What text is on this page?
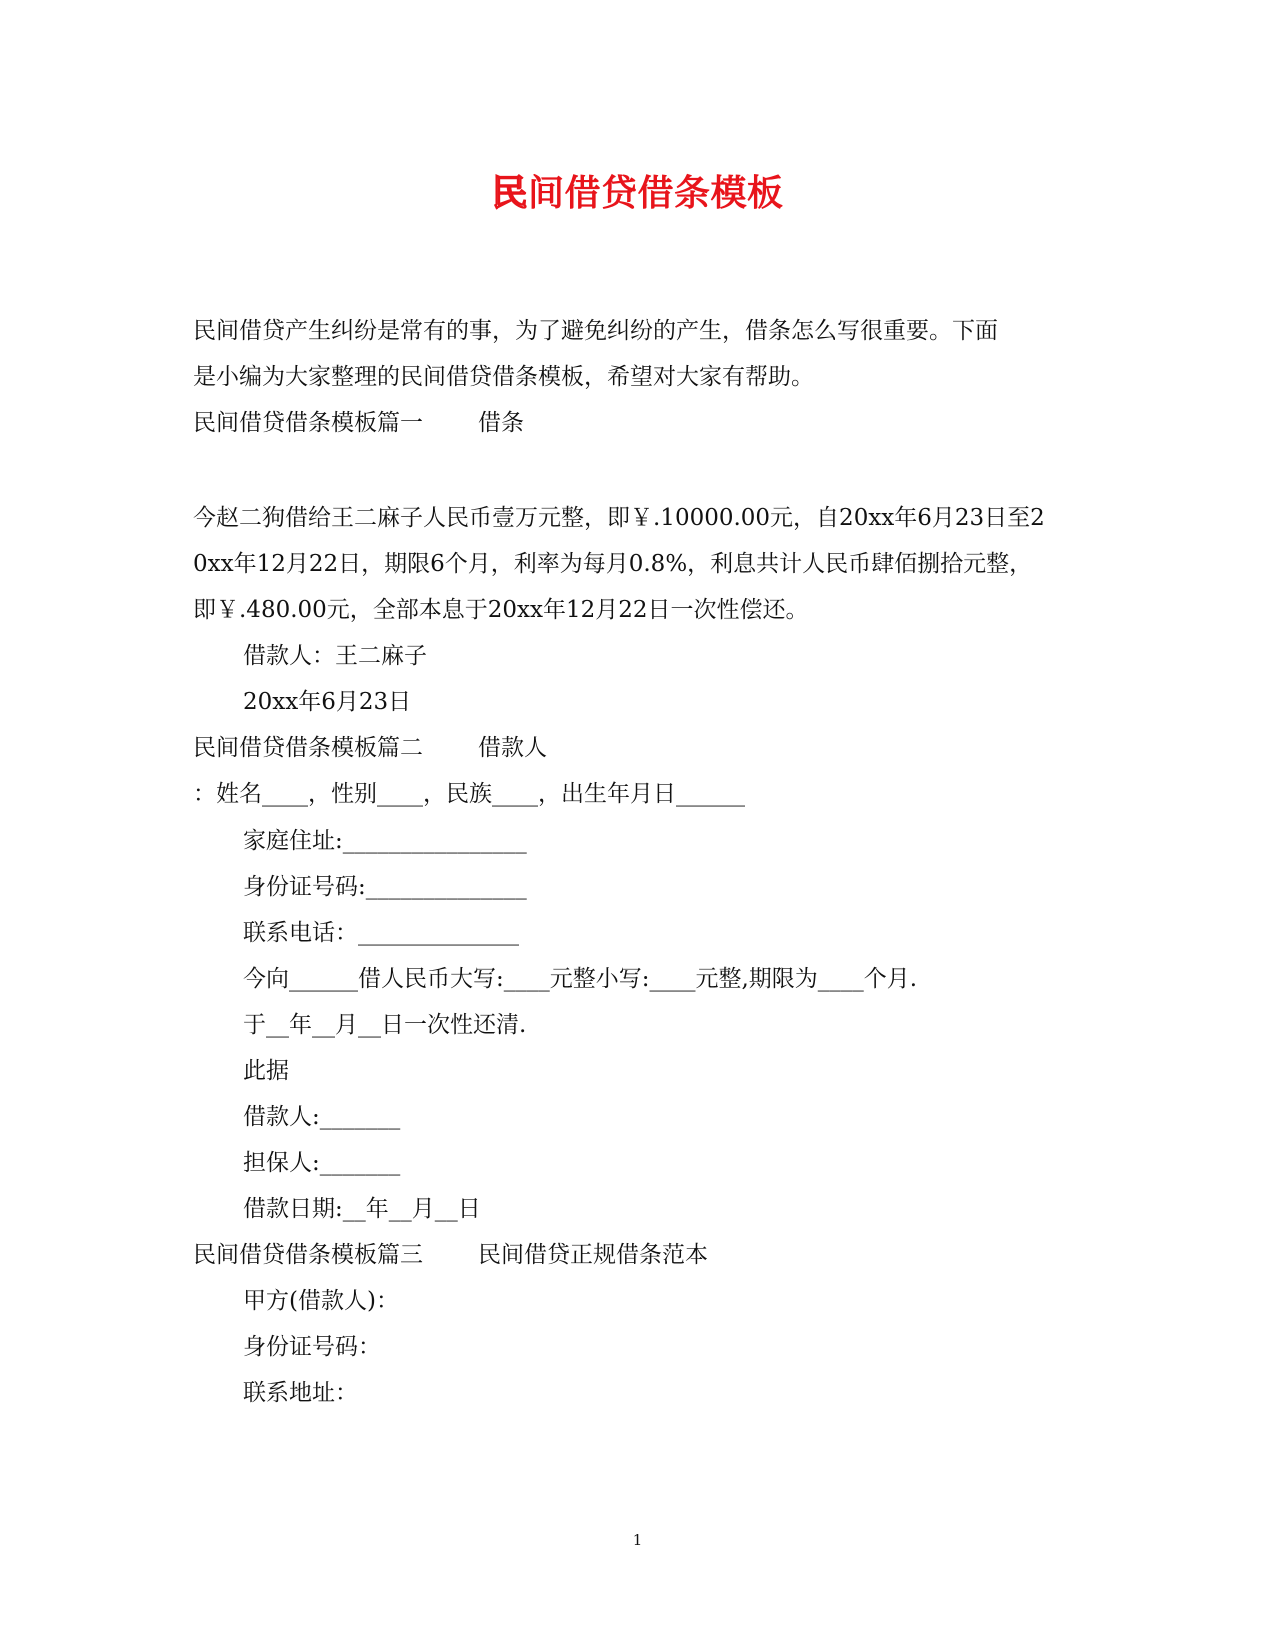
民间借贷借条模板
民间借贷产生纠纷是常有的事，为了避免纠纷的产生，借条怎么写很重要。下面
是小编为大家整理的民间借贷借条模板，希望对大家有帮助。
民间借贷借条模板篇一 借条
今赵二狗借给王二麻子人民币壹万元整，即￥.10000.00元，自20xx年6月23日至2
0xx年12月22日，期限6个月，利率为每月0.8%，利息共计人民币肆佰捌拾元整，
即￥.480.00元，全部本息于20xx年12月22日一次性偿还。
借款人：王二麻子
20xx年6月23日
民间借贷借条模板篇二 借款人
：姓名____，性别____，民族____，出生年月日______
家庭住址:________________
身份证号码:______________
联系电话：______________
今向______借人民币大写:____元整小写:____元整,期限为____个月.
于__年__月__日一次性还清.
此据
借款人:_______
担保人:_______
借款日期:__年__月__日
民间借贷借条模板篇三 民间借贷正规借条范本
甲方(借款人)：
身份证号码：
联系地址：
1
